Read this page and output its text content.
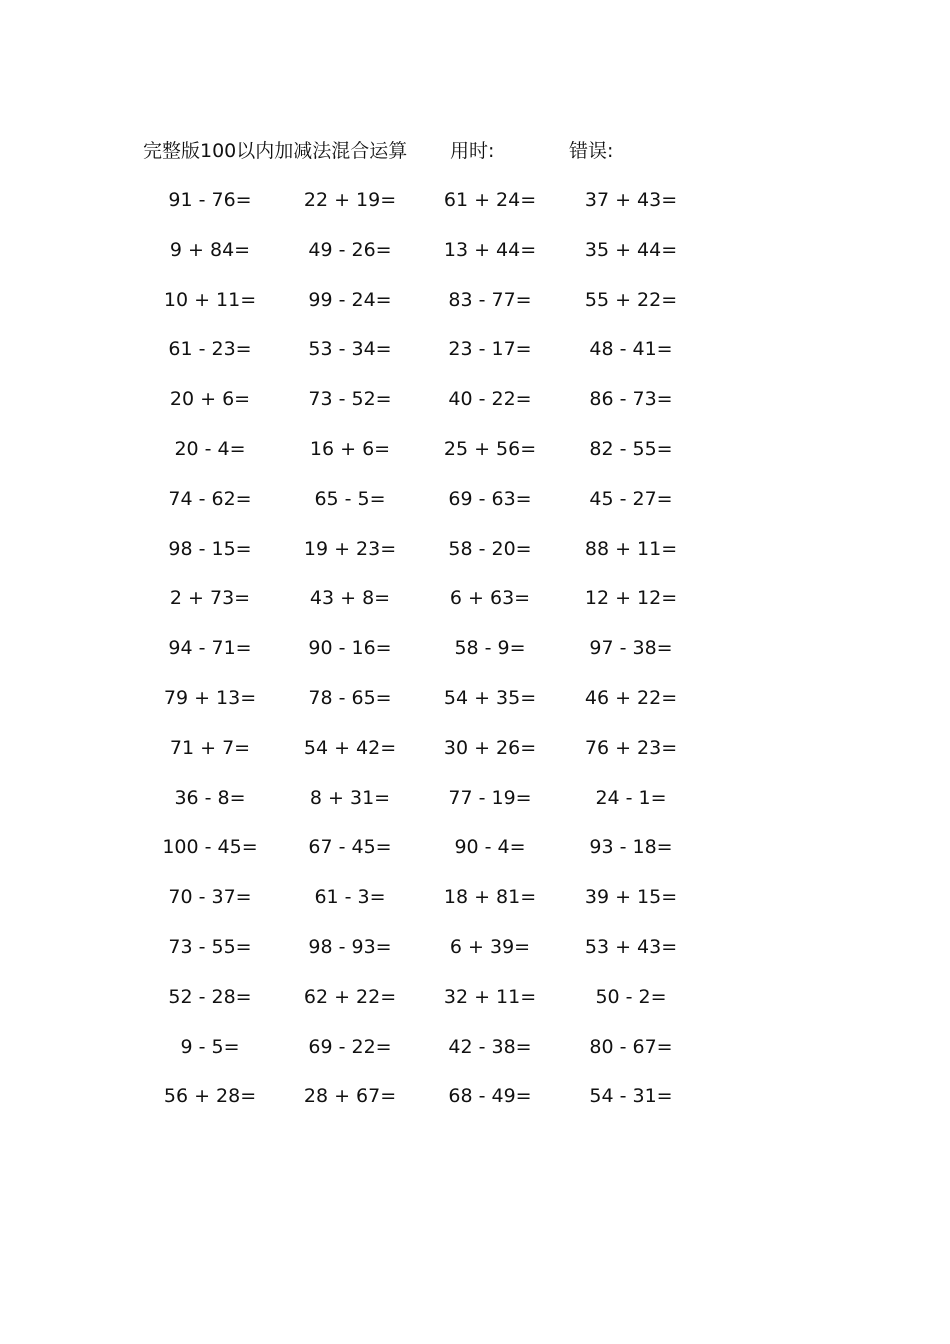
完整版100以内加减法混合运算 用时:	错误:
91 - 76=	22 + 19=	61 + 24=	37 + 43=
9 + 84=	49 - 26=	13 + 44=	35 + 44=
10 + 11=	99 - 24=	83 - 77=	55 + 22=
61 - 23=	53 - 34=	23 - 17=	48 - 41=
20 + 6=	73 - 52=	40 - 22=	86 - 73=
20 - 4=	16 + 6=	25 + 56=	82 - 55=
74 - 62=	65 - 5=	69 - 63=	45 - 27=
98 - 15=	19 + 23=	58 - 20=	88 + 11=
2 + 73=	43 + 8=	6 + 63=	12 + 12=
94 - 71=	90 - 16=	58 - 9=	97 - 38=
79 + 13=	78 - 65=	54 + 35=	46 + 22=
71 + 7=	54 + 42=	30 + 26=	76 + 23=
36 - 8=	8 + 31=	77 - 19=	24 - 1=
100 - 45=	67 - 45=	90 - 4=	93 - 18=
70 - 37=	61 - 3=	18 + 81=	39 + 15=
73 - 55=	98 - 93=	6 + 39=	53 + 43=
52 - 28=	62 + 22=	32 + 11=	50 - 2=
9 - 5=	69 - 22=	42 - 38=	80 - 67=
56 + 28=	28 + 67=	68 - 49=	54 - 31=
